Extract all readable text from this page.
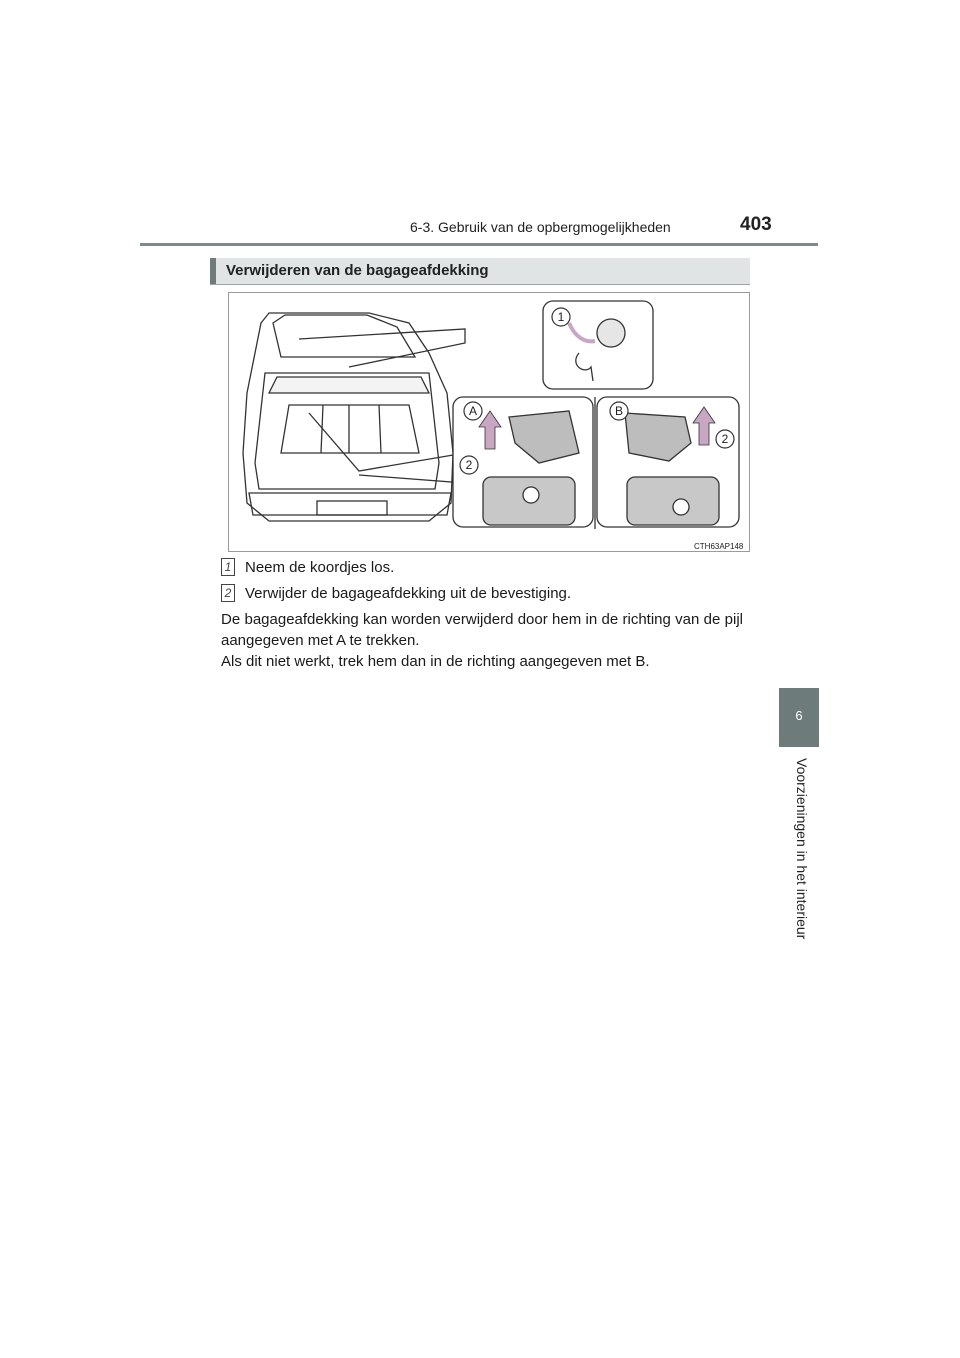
6-3. Gebruik van de opbergmogelijkheden	403
6
Voorzieningen in het interieur
Verwijderen van de bagageafdekking
1
A
2
B
2
CTH63AP148
1 Neem de koordjes los.
2 Verwijder de bagageafdekking uit de bevestiging.

De bagageafdekking kan worden verwijderd door hem in de richting van de pijl aangegeven met A te trekken.

Als dit niet werkt, trek hem dan in de richting aangegeven met B.
